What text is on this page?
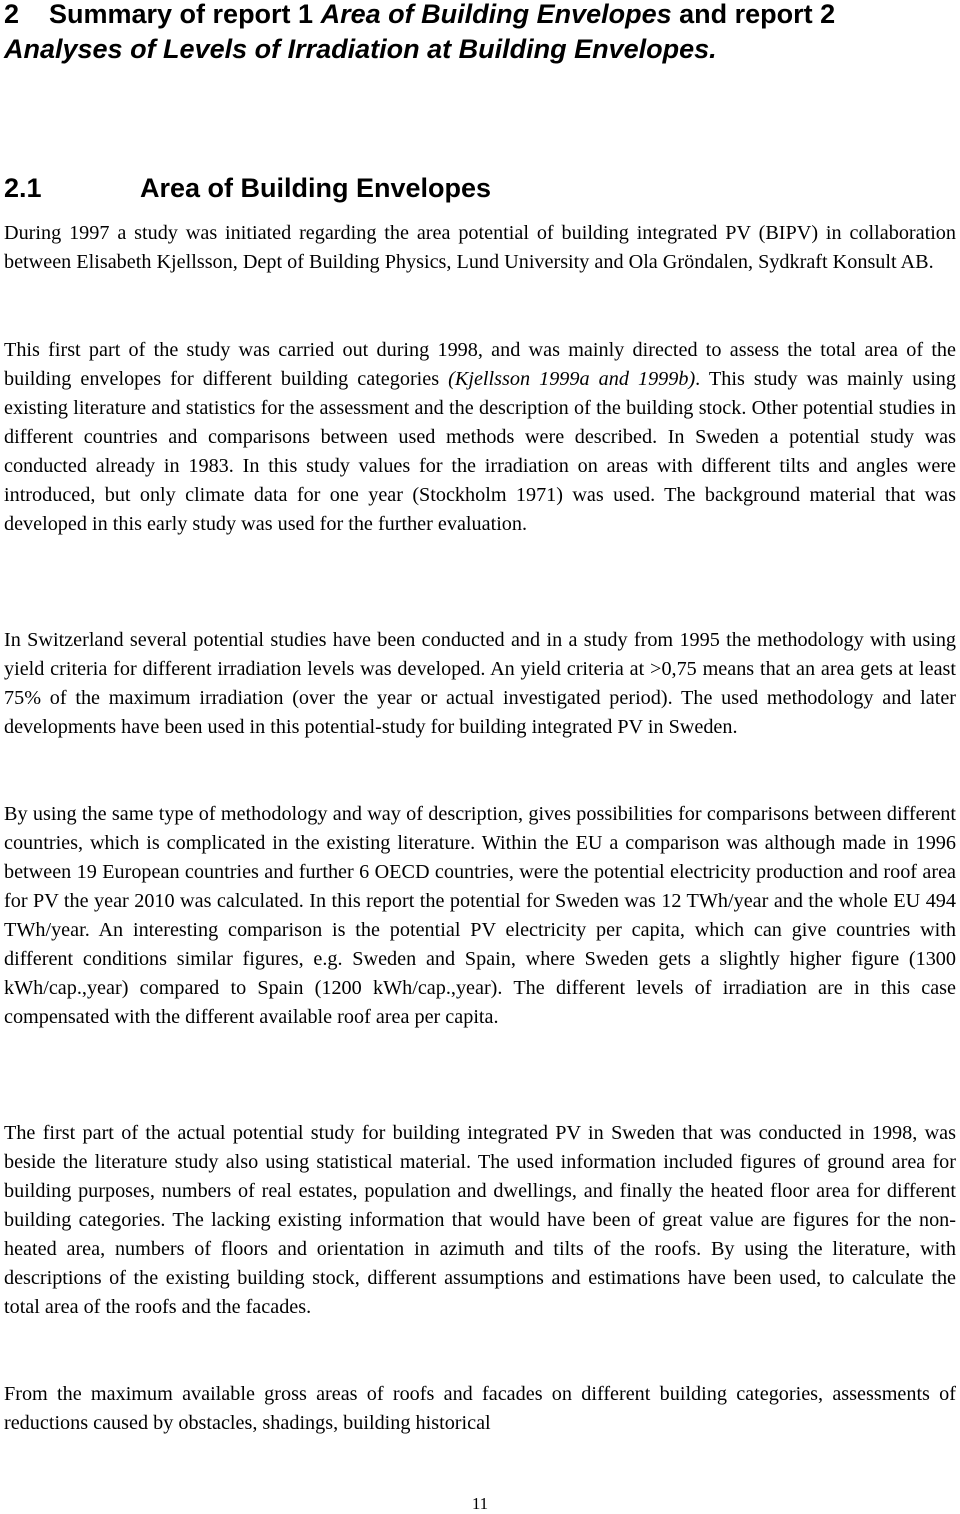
2 Summary of report 1 Area of Building Envelopes and report 2 Analyses of Levels of Irradiation at Building Envelopes.
2.1	Area of Building Envelopes

During 1997 a study was initiated regarding the area potential of building integrated PV (BIPV) in collaboration between Elisabeth Kjellsson, Dept of Building Physics, Lund University and Ola Gröndalen, Sydkraft Konsult AB.

This first part of the study was carried out during 1998, and was mainly directed to assess the total area of the building envelopes for different building categories (Kjellsson 1999a and 1999b). This study was mainly using existing literature and statistics for the assessment and the description of the building stock. Other potential studies in different countries and comparisons between used methods were described. In Sweden a potential study was conducted already in 1983. In this study values for the irradiation on areas with different tilts and angles were introduced, but only climate data for one year (Stockholm 1971) was used. The background material that was developed in this early study was used for the further evaluation.

In Switzerland several potential studies have been conducted and in a study from 1995 the methodology with using yield criteria for different irradiation levels was developed. An yield criteria at >0,75 means that an area gets at least 75% of the maximum irradiation (over the year or actual investigated period). The used methodology and later developments have been used in this potential-study for building integrated PV in Sweden.

By using the same type of methodology and way of description, gives possibilities for comparisons between different countries, which is complicated in the existing literature. Within the EU a comparison was although made in 1996 between 19 European countries and further 6 OECD countries, were the potential electricity production and roof area for PV the year 2010 was calculated. In this report the potential for Sweden was 12 TWh/year and the whole EU 494 TWh/year. An interesting comparison is the potential PV electricity per capita, which can give countries with different conditions similar figures, e.g. Sweden and Spain, where Sweden gets a slightly higher figure (1300 kWh/cap.,year) compared to Spain (1200 kWh/cap.,year). The different levels of irradiation are in this case compensated with the different available roof area per capita.

The first part of the actual potential study for building integrated PV in Sweden that was conducted in 1998, was beside the literature study also using statistical material. The used information included figures of ground area for building purposes, numbers of real estates, population and dwellings, and finally the heated floor area for different building categories. The lacking existing information that would have been of great value are figures for the non-heated area, numbers of floors and orientation in azimuth and tilts of the roofs. By using the literature, with descriptions of the existing building stock, different assumptions and estimations have been used, to calculate the total area of the roofs and the facades.

From the maximum available gross areas of roofs and facades on different building categories, assessments of reductions caused by obstacles, shadings, building historical

11
